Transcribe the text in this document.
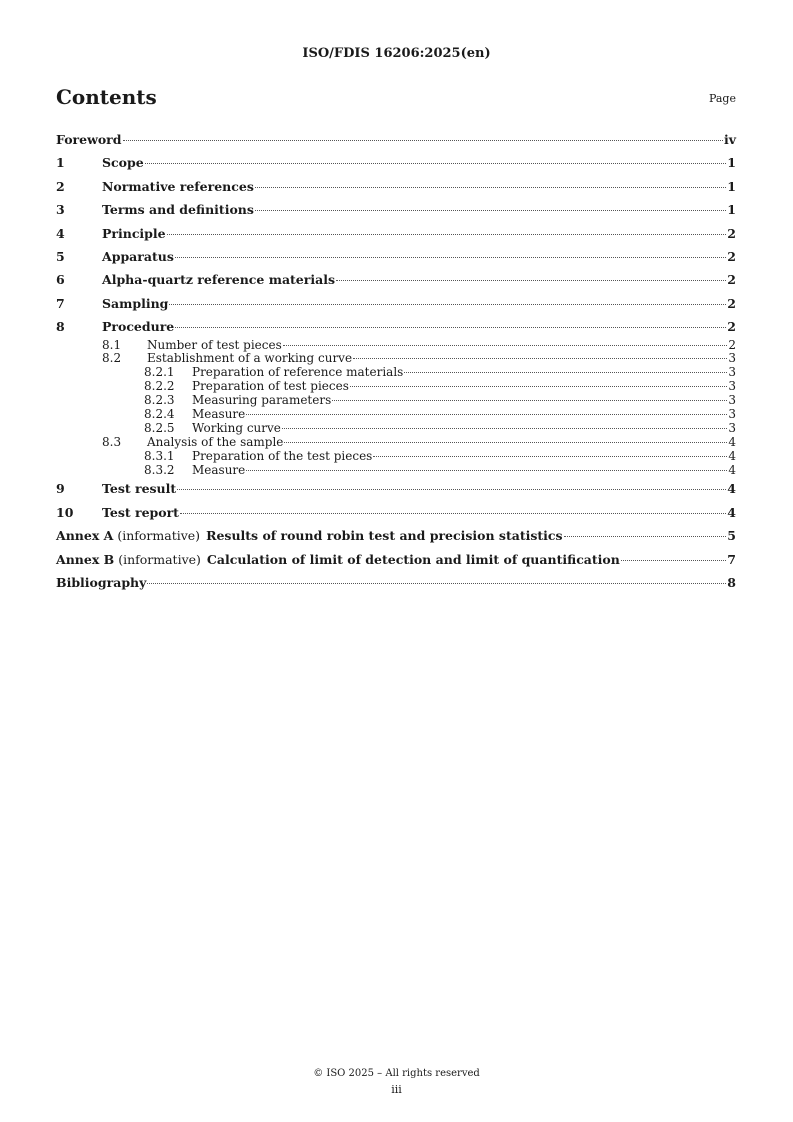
ISO/FDIS 16206:2025(en)
Contents	Page
Foreword	iv
1	Scope	1
2	Normative references	1
3	Terms and definitions	1
4	Principle	2
5	Apparatus	2
6	Alpha-quartz reference materials	2
7	Sampling	2
8	Procedure	2
8.1	Number of test pieces	2
8.2	Establishment of a working curve	3
8.2.1	Preparation of reference materials	3
8.2.2	Preparation of test pieces	3
8.2.3	Measuring parameters	3
8.2.4	Measure	3
8.2.5	Working curve	3
8.3	Analysis of the sample	4
8.3.1	Preparation of the test pieces	4
8.3.2	Measure	4
9	Test result	4
10	Test report	4
Annex A (informative) Results of round robin test and precision statistics	5
Annex B (informative) Calculation of limit of detection and limit of quantification	7
Bibliography	8
© ISO 2025 – All rights reserved
iii
